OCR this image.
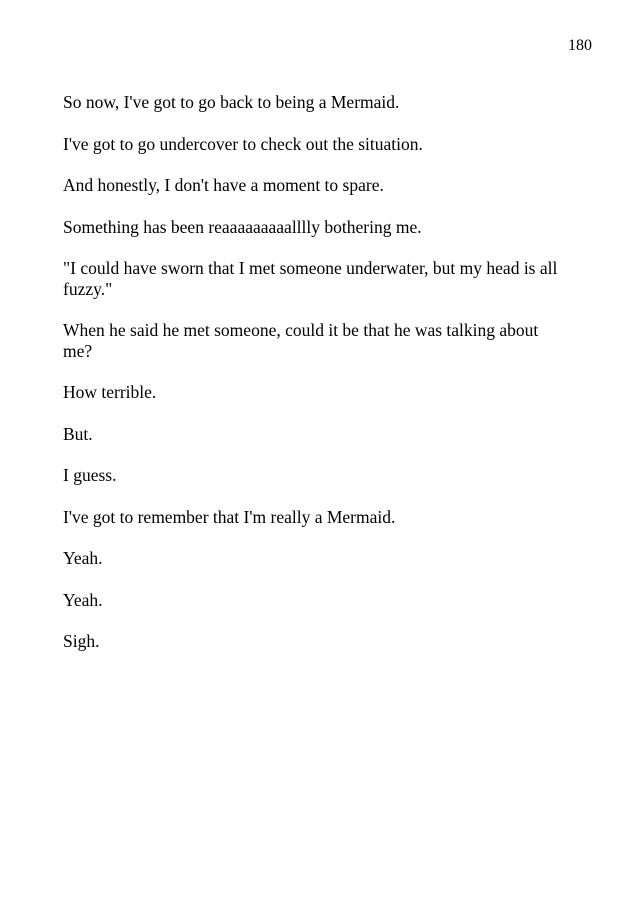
180

So now, I've got to go back to being a Mermaid.

I've got to go undercover to check out the situation.

And honestly, I don't have a moment to spare.

Something has been reaaaaaaaaalllly bothering me.

"I could have sworn that I met someone underwater, but my head is all fuzzy."

When he said he met someone, could it be that he was talking about me?

How terrible.

But.

I guess.

I've got to remember that I'm really a Mermaid.

Yeah.

Yeah.

Sigh.
